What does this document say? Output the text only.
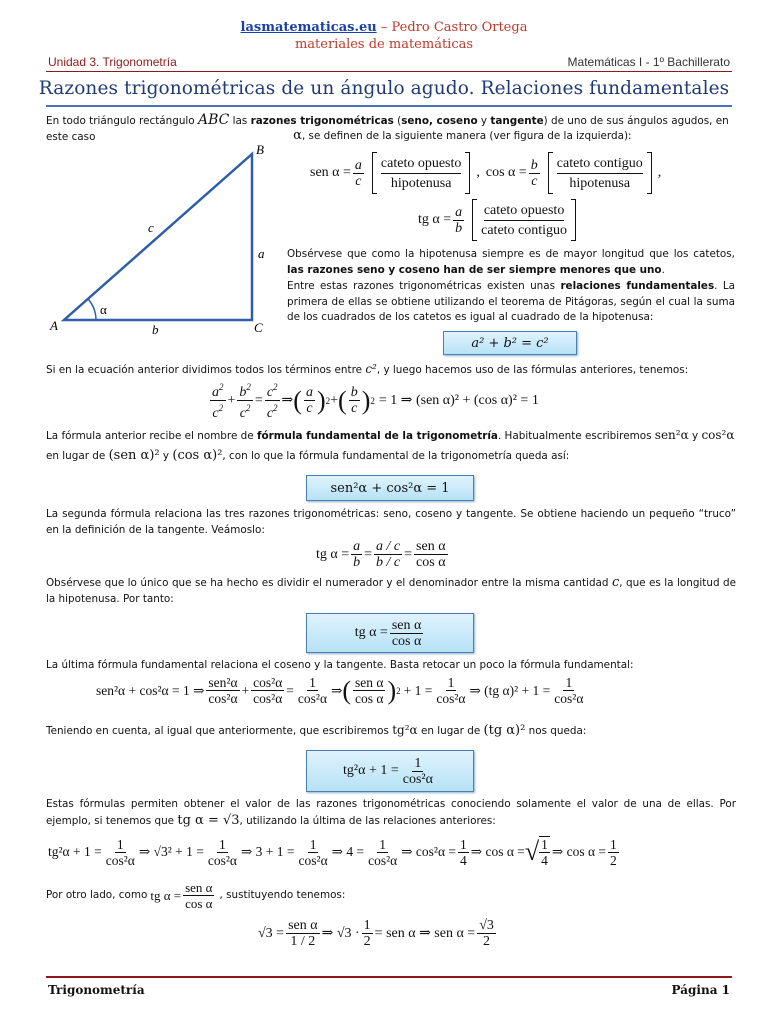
lasmatematicas.eu – Pedro Castro Ortega
materiales de matemáticas
Unidad 3. Trigonometría	Matemáticas I - 1º Bachillerato
Razones trigonométricas de un ángulo agudo. Relaciones fundamentales
A
B
C
a
b
c
α
En todo triángulo rectángulo ABC las razones trigonométricas (seno, coseno y tangente) de uno de sus ángulos agudos, en este caso	α, se definen de la siguiente manera (ver figura de la izquierda):
sen $\alpha = \frac{a}{c}$ cateto opuesto
hipotenusa
, $\cos \alpha = \frac{b}{c}$ cateto contiguo
hipotenusa
,
tg $\alpha = \frac{a}{b}$ cateto opuesto
cateto contiguo
Obsérvese que como la hipotenusa siempre es de mayor longitud que los catetos, las razones seno y coseno han de ser siempre menores que uno.
Entre estas razones trigonométricas existen unas relaciones fundamentales. La primera de ellas se obtiene utilizando el teorema de Pitágoras, según el cual la suma de los cuadrados de los catetos es igual al cuadrado de la hipotenusa:
a² + b² = c²
Si en la ecuación anterior dividimos todos los términos entre c², y luego hacemos uso de las fórmulas anteriores, tenemos:
$\frac{a^2}{c^2} + \frac{b^2}{c^2} = \frac{c^2}{c^2}$ ⇒ ( $\frac{a}{c}$ ) 2 + ( $\frac{b}{c}$ ) 2 = 1 ⇒ (sen α)² + (cos α)² = 1
La fórmula anterior recibe el nombre de fórmula fundamental de la trigonometría. Habitualmente escribiremos sen²α y cos²α
en lugar de (sen α)² y (cos α)², con lo que la fórmula fundamental de la trigonometría queda así:
sen²α + cos²α = 1
La segunda fórmula relaciona las tres razones trigonométricas: seno, coseno y tangente. Se obtiene haciendo un pequeño “truco” en la definición de la tangente. Veámoslo:
tg $\alpha = \frac{a}{b} = \frac{a / c}{b / c} = \frac{\text{sen α}}{\text{cos α}}$
Obsérvese que lo único que se ha hecho es dividir el numerador y el denominador entre la misma cantidad c, que es la longitud de la hipotenusa. Por tanto:
tg $\alpha = \frac{\text{sen α}}{\text{cos α}}$
La última fórmula fundamental relaciona el coseno y la tangente. Basta retocar un poco la fórmula fundamental:
sen²α + cos²α = 1 ⇒ $\frac{\text{sen²α}}{\text{cos²α}} + \frac{\text{cos²α}}{\text{cos²α}} = \frac{1}{\text{cos²α}}$ ⇒ ( $\frac{\text{sen α}}{\text{cos α}}$ ) $2 + 1 = \frac{1}{\text{cos²α}}$ ⇒ (tg $\alpha)^2 + 1 = \frac{1}{\text{cos²α}}$
Teniendo en cuenta, al igual que anteriormente, que escribiremos tg²α en lugar de (tg α)² nos queda:
$tg^2\alpha + 1 = \frac{1}{\text{cos²α}}$
Estas fórmulas permiten obtener el valor de las razones trigonométricas conociendo solamente el valor de una de ellas. Por ejemplo, si tenemos que tg α = √3, utilizando la última de las relaciones anteriores:
$tg^2\alpha + 1 = \frac{1}{\text{cos²α}}$ ⇒ $√3^2 + 1 = \frac{1}{\text{cos²α}}$ ⇒ $3 + 1 = \frac{1}{\text{cos²α}}$ ⇒ $4 = \frac{1}{\text{cos²α}}$ ⇒ $\cos^2\alpha = \frac{1}{4}$ ⇒ cos α = √ $\frac{1}{4}$ ⇒ $\cos \alpha = \frac{1}{2}$
Por otro lado, como tg $\alpha = \frac{\text{sen α}}{\text{cos α}}$ , sustituyendo tenemos:
$√3 = \frac{\text{sen α}}{1 / 2}$ ⇒ $√3 \cdot \frac{1}{2}$ = sen α ⇒ sen $\alpha = \frac{√3}{2}$
Trigonometría	Página 1
